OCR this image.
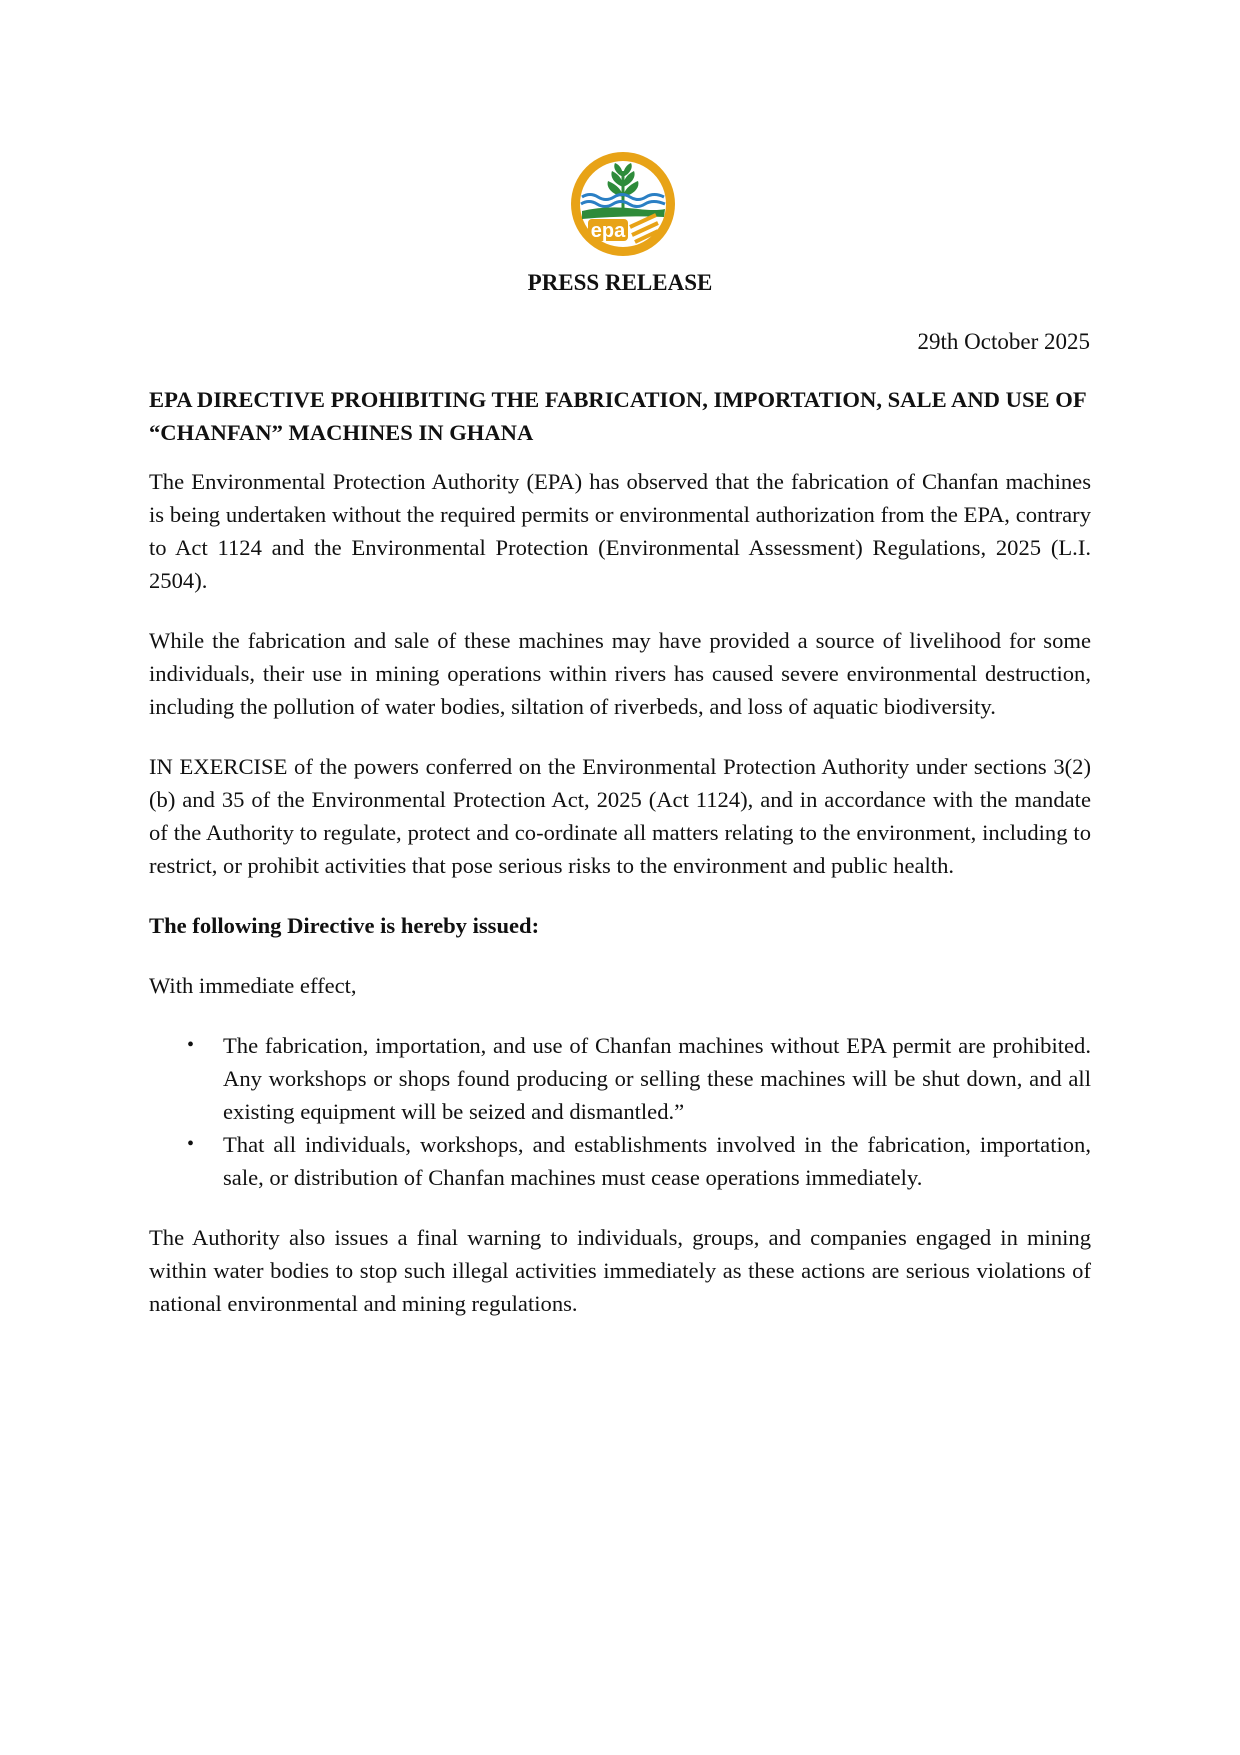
epa
PRESS RELEASE
29th October 2025
EPA DIRECTIVE PROHIBITING THE FABRICATION, IMPORTATION, SALE AND USE OF “CHANFAN” MACHINES IN GHANA

The Environmental Protection Authority (EPA) has observed that the fabrication of Chanfan machines is being undertaken without the required permits or environmental authorization from the EPA, contrary to Act 1124 and the Environmental Protection (Environmental Assessment) Regulations, 2025 (L.I. 2504).

While the fabrication and sale of these machines may have provided a source of livelihood for some individuals, their use in mining operations within rivers has caused severe environmental destruction, including the pollution of water bodies, siltation of riverbeds, and loss of aquatic biodiversity.

IN EXERCISE of the powers conferred on the Environmental Protection Authority under sections 3(2)(b) and 35 of the Environmental Protection Act, 2025 (Act 1124), and in accordance with the mandate of the Authority to regulate, protect and co-ordinate all matters relating to the environment, including to restrict, or prohibit activities that pose serious risks to the environment and public health.

The following Directive is hereby issued:

With immediate effect,

• The fabrication, importation, and use of Chanfan machines without EPA permit are prohibited. Any workshops or shops found producing or selling these machines will be shut down, and all existing equipment will be seized and dismantled.”
• That all individuals, workshops, and establishments involved in the fabrication, importation, sale, or distribution of Chanfan machines must cease operations immediately.

The Authority also issues a final warning to individuals, groups, and companies engaged in mining within water bodies to stop such illegal activities immediately as these actions are serious violations of national environmental and mining regulations.
